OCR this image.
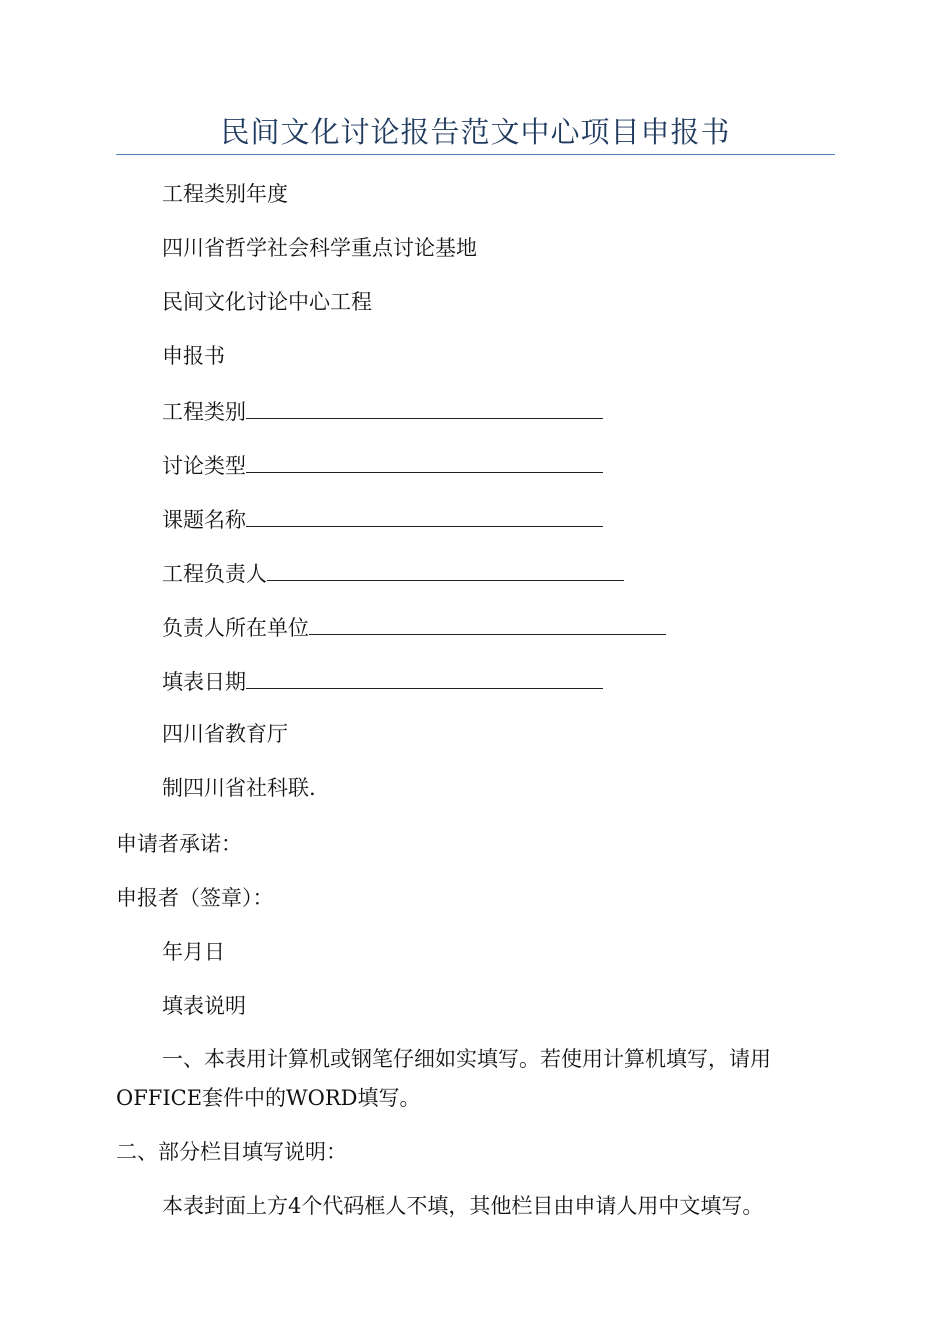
民间文化讨论报告范文中心项目申报书
工程类别年度
四川省哲学社会科学重点讨论基地
民间文化讨论中心工程
申报书
工程类别
讨论类型
课题名称
工程负责人
负责人所在单位
填表日期
四川省教育厅
制四川省社科联.
申请者承诺：
申报者（签章）：
年月日
填表说明
一、本表用计算机或钢笔仔细如实填写。若使用计算机填写，请用
OFFICE套件中的WORD填写。
二、部分栏目填写说明：
本表封面上方4个代码框人不填，其他栏目由申请人用中文填写。
